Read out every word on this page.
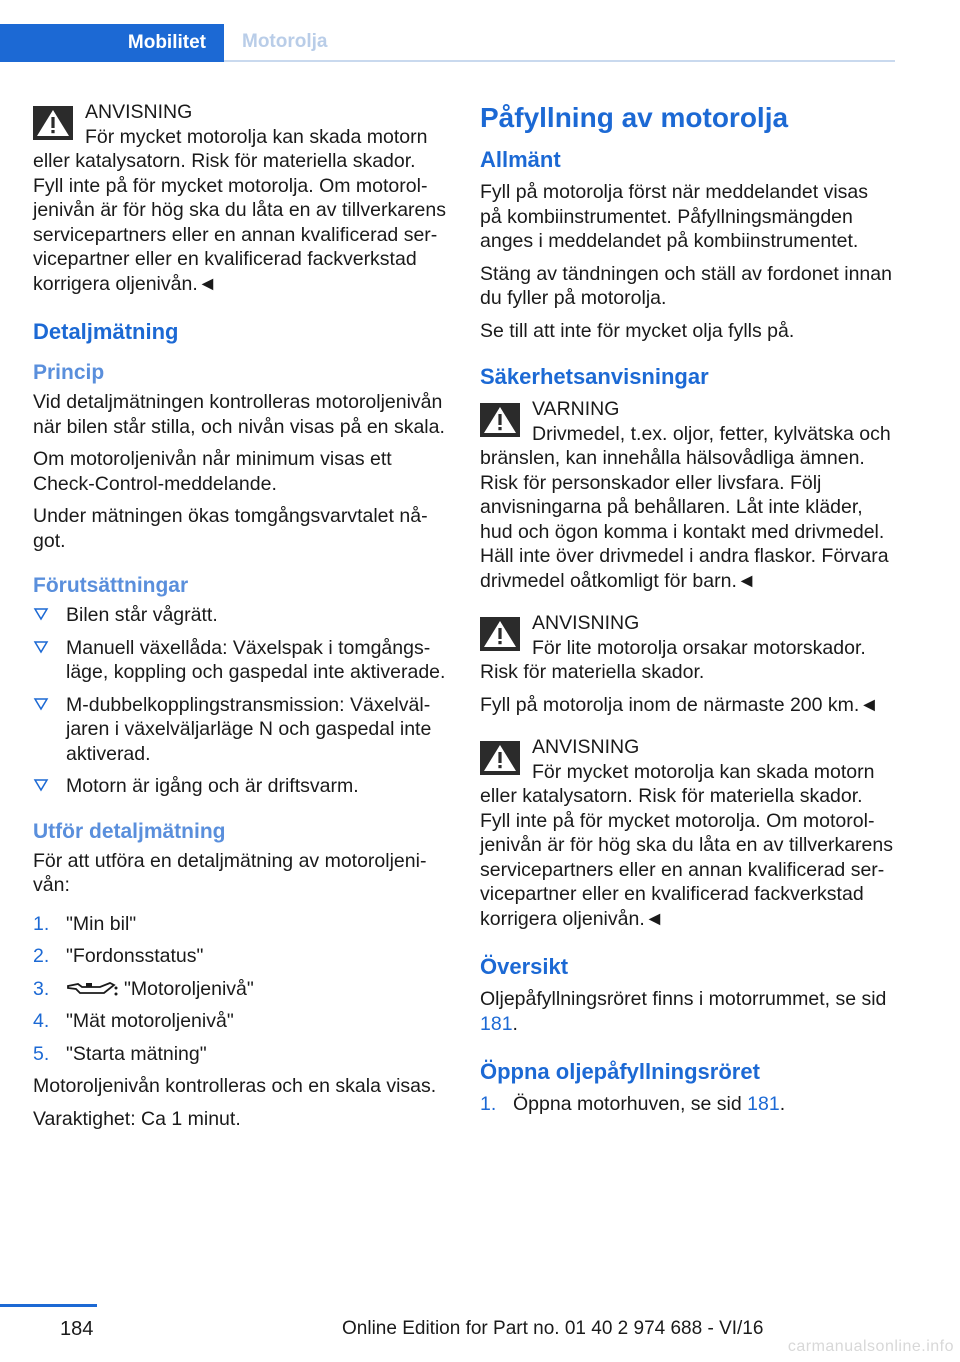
Mobilitet	Motorolja
ANVISNING
För mycket motorolja kan skada motorn eller katalysatorn. Risk för materiella skador. Fyll inte på för mycket motorolja. Om motoroljenivån är för hög ska du låta en av tillverkarens servicepartners eller en annan kvalificerad servicepartner eller en kvalificerad fackverkstad korrigera oljenivån.◄
Detaljmätning
Princip

Vid detaljmätningen kontrolleras motoroljenivån när bilen står stilla, och nivån visas på en skala.

Om motoroljenivån når minimum visas ett Check-Control-meddelande.

Under mätningen ökas tomgångsvarvtalet något.

Förutsättningar
Bilen står vågrätt.
Manuell växellåda: Växelspak i tomgångsläge, koppling och gaspedal inte aktiverade.
M-dubbelkopplingstransmission: Växelväljaren i växelväljarläge N och gaspedal inte aktiverad.
Motorn är igång och är driftsvarm.
Utför detaljmätning

För att utföra en detaljmätning av motoroljenivån:

1. "Min bil"
2. "Fordonsstatus"
3.	"Motoroljenivå"
4. "Mät motoroljenivå"
5. "Starta mätning"

Motoroljenivån kontrolleras och en skala visas.

Varaktighet: Ca 1 minut.

Påfyllning av motorolja
Allmänt

Fyll på motorolja först när meddelandet visas på kombiinstrumentet. Påfyllningsmängden anges i meddelandet på kombiinstrumentet.

Stäng av tändningen och ställ av fordonet innan du fyller på motorolja.

Se till att inte för mycket olja fylls på.

Säkerhetsanvisningar
VARNING
Drivmedel, t.ex. oljor, fetter, kylvätska och bränslen, kan innehålla hälsovådliga ämnen. Risk för personskador eller livsfara. Följ anvisningarna på behållaren. Låt inte kläder, hud och ögon komma i kontakt med drivmedel. Häll inte över drivmedel i andra flaskor. Förvara drivmedel oåtkomligt för barn.◄
ANVISNING
För lite motorolja orsakar motorskador. Risk för materiella skador.

Fyll på motorolja inom de närmaste 200 km.◄

ANVISNING
För mycket motorolja kan skada motorn eller katalysatorn. Risk för materiella skador. Fyll inte på för mycket motorolja. Om motoroljenivån är för hög ska du låta en av tillverkarens servicepartners eller en annan kvalificerad servicepartner eller en kvalificerad fackverkstad korrigera oljenivån.◄
Översikt

Oljepåfyllningsröret finns i motorrummet, se sid 181.

Öppna oljepåfyllningsröret
1. Öppna motorhuven, se sid 181.
184	Online Edition for Part no. 01 40 2 974 688 - VI/16
carmanualsonline.info
